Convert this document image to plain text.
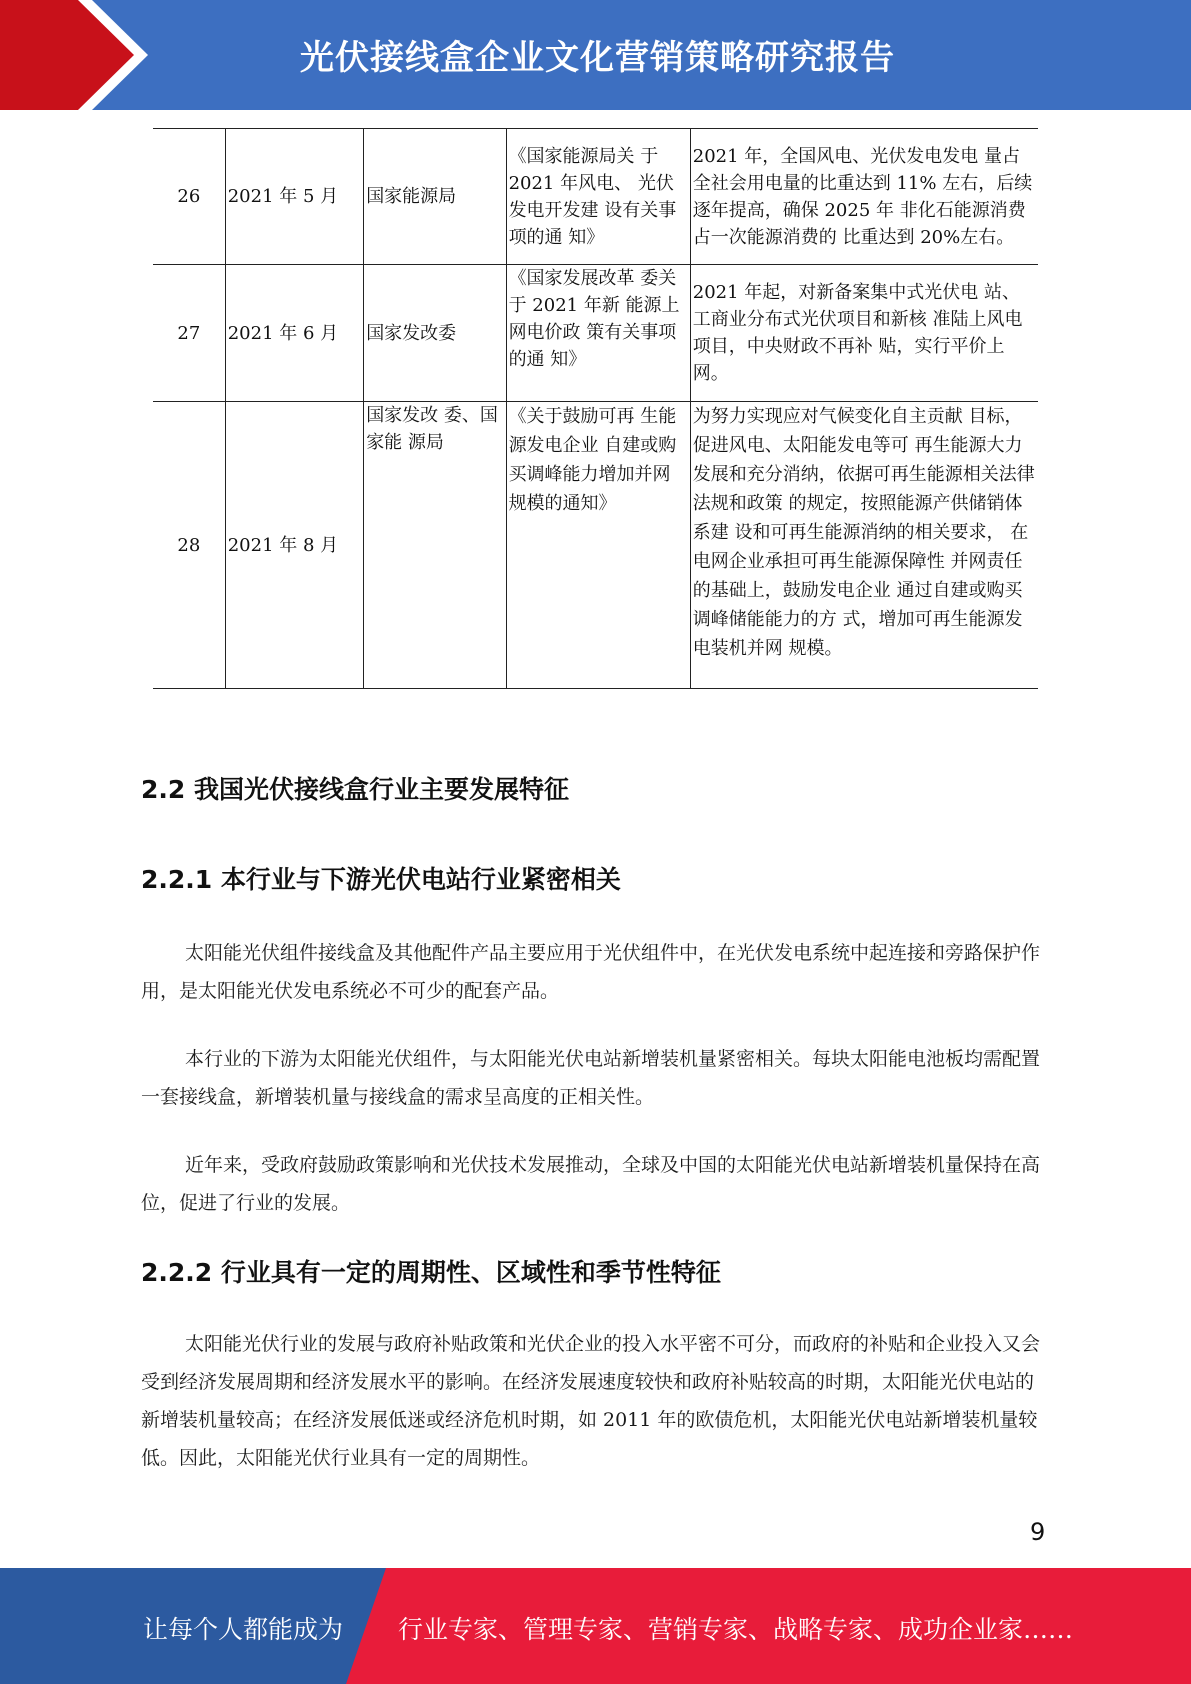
光伏接线盒企业文化营销策略研究报告
26	2021 年 5 月	国家能源局	《国家能源局关 于 2021 年风电、 光伏发电开发建 设有关事项的通 知》	2021 年，全国风电、光伏发电发电 量占全社会用电量的比重达到 11% 左右，后续逐年提高，确保 2025 年 非化石能源消费占一次能源消费的 比重达到 20%左右。
27	2021 年 6 月	国家发改委	《国家发展改革 委关于 2021 年新 能源上网电价政 策有关事项的通 知》	2021 年起，对新备案集中式光伏电 站、工商业分布式光伏项目和新核 准陆上风电项目，中央财政不再补 贴，实行平价上网。
28	2021 年 8 月	国家发改 委、国家能 源局	《关于鼓励可再 生能源发电企业 自建或购买调峰能力增加并网规模的通知》	为努力实现应对气候变化自主贡献 目标，促进风电、太阳能发电等可 再生能源大力发展和充分消纳，依据可再生能源相关法律法规和政策 的规定，按照能源产供储销体系建 设和可再生能源消纳的相关要求， 在电网企业承担可再生能源保障性 并网责任的基础上，鼓励发电企业 通过自建或购买调峰储能能力的方 式，增加可再生能源发电装机并网 规模。
2.2 我国光伏接线盒行业主要发展特征
2.2.1 本行业与下游光伏电站行业紧密相关
太阳能光伏组件接线盒及其他配件产品主要应用于光伏组件中，在光伏发电系统中起连接和旁路保护作用，是太阳能光伏发电系统必不可少的配套产品。
本行业的下游为太阳能光伏组件，与太阳能光伏电站新增装机量紧密相关。每块太阳能电池板均需配置一套接线盒，新增装机量与接线盒的需求呈高度的正相关性。
近年来，受政府鼓励政策影响和光伏技术发展推动，全球及中国的太阳能光伏电站新增装机量保持在高位，促进了行业的发展。
2.2.2 行业具有一定的周期性、区域性和季节性特征
太阳能光伏行业的发展与政府补贴政策和光伏企业的投入水平密不可分，而政府的补贴和企业投入又会受到经济发展周期和经济发展水平的影响。在经济发展速度较快和政府补贴较高的时期，太阳能光伏电站的新增装机量较高；在经济发展低迷或经济危机时期，如 2011 年的欧债危机，太阳能光伏电站新增装机量较低。因此，太阳能光伏行业具有一定的周期性。
9
让每个人都能成为 行业专家、管理专家、营销专家、战略专家、成功企业家……
